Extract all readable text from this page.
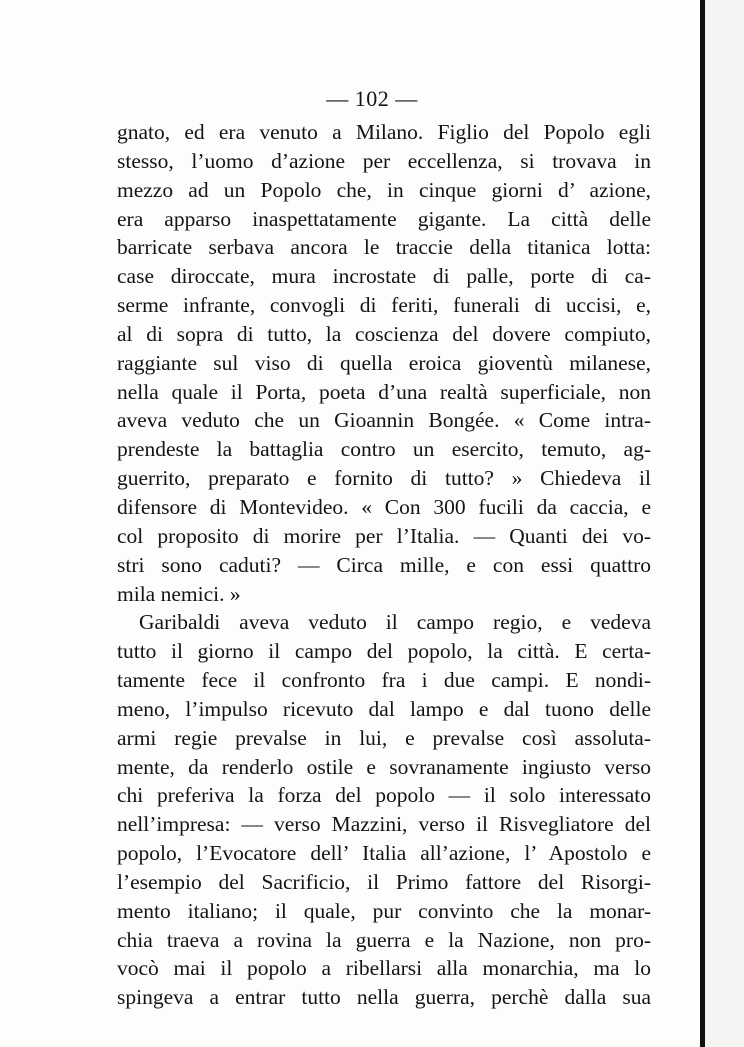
— 102 —
gnato, ed era venuto a Milano. Figlio del Popolo egli
stesso, l’uomo d’azione per eccellenza, si trovava in
mezzo ad un Popolo che, in cinque giorni d’ azione,
era apparso inaspettatamente gigante. La città delle
barricate serbava ancora le traccie della titanica lotta:
case diroccate, mura incrostate di palle, porte di ca-
serme infrante, convogli di feriti, funerali di uccisi, e,
al di sopra di tutto, la coscienza del dovere compiuto,
raggiante sul viso di quella eroica gioventù milanese,
nella quale il Porta, poeta d’una realtà superficiale, non
aveva veduto che un Gioannin Bongée. « Come intra-
prendeste la battaglia contro un esercito, temuto, ag-
guerrito, preparato e fornito di tutto? » Chiedeva il
difensore di Montevideo. « Con 300 fucili da caccia, e
col proposito di morire per l’Italia. — Quanti dei vo-
stri sono caduti? — Circa mille, e con essi quattro
mila nemici. »
Garibaldi aveva veduto il campo regio, e vedeva
tutto il giorno il campo del popolo, la città. E certa-
tamente fece il confronto fra i due campi. E nondi-
meno, l’impulso ricevuto dal lampo e dal tuono delle
armi regie prevalse in lui, e prevalse così assoluta-
mente, da renderlo ostile e sovranamente ingiusto verso
chi preferiva la forza del popolo — il solo interessato
nell’impresa: — verso Mazzini, verso il Risvegliatore del
popolo, l’Evocatore dell’ Italia all’azione, l’ Apostolo e
l’esempio del Sacrificio, il Primo fattore del Risorgi-
mento italiano; il quale, pur convinto che la monar-
chia traeva a rovina la guerra e la Nazione, non pro-
vocò mai il popolo a ribellarsi alla monarchia, ma lo
spingeva a entrar tutto nella guerra, perchè dalla sua
